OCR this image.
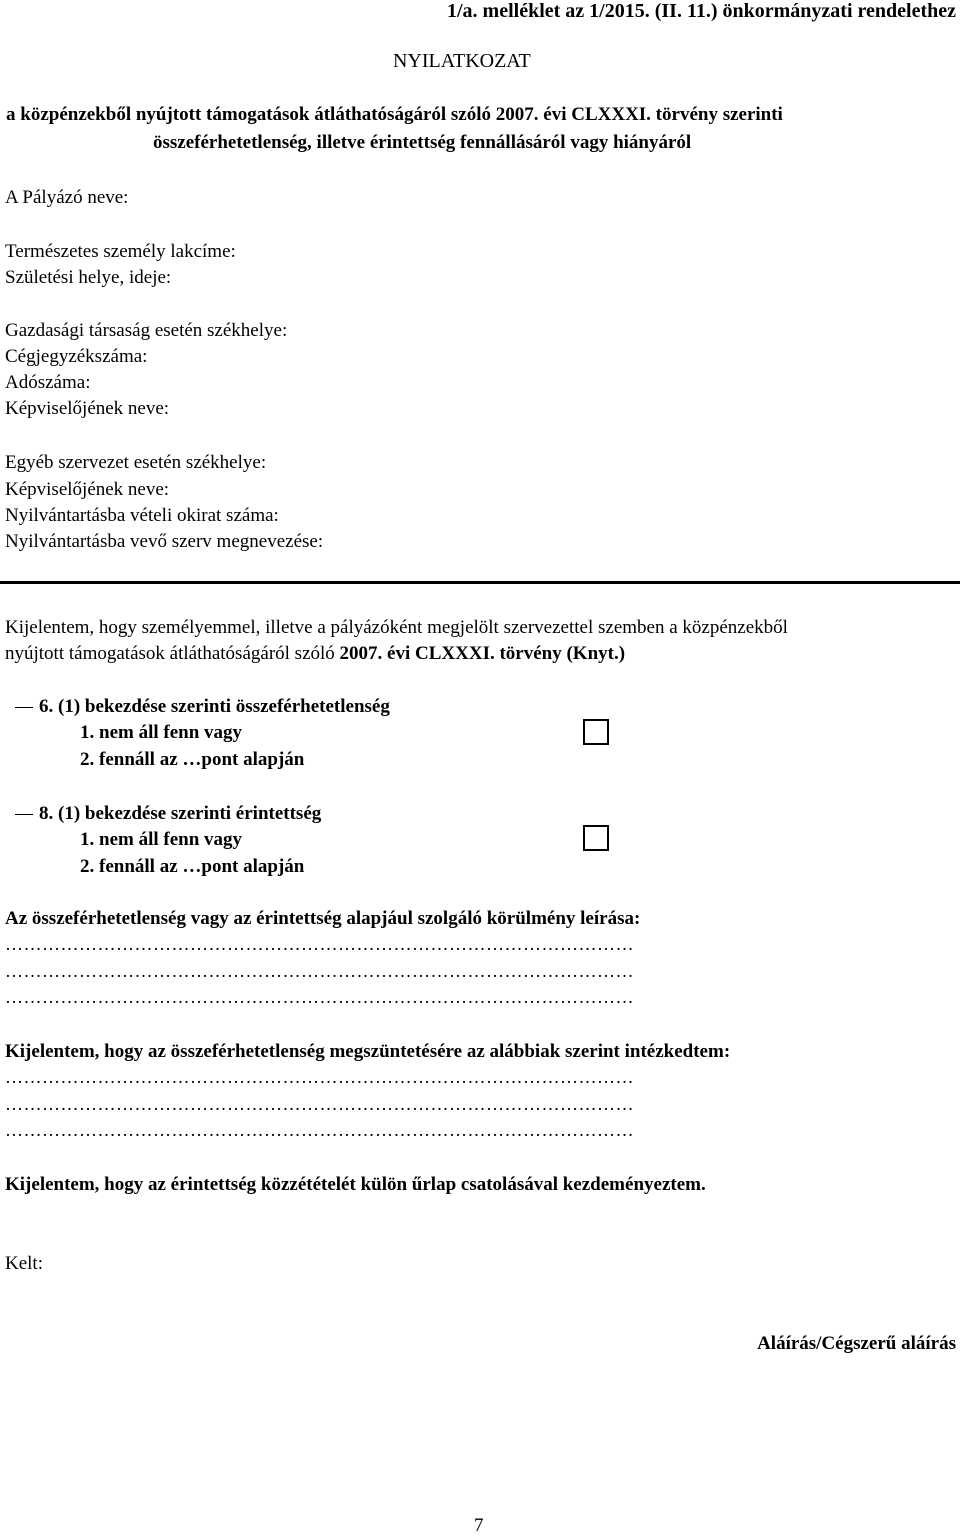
1/a. melléklet az 1/2015. (II. 11.) önkormányzati rendelethez
NYILATKOZAT
a közpénzekből nyújtott támogatások átláthatóságáról szóló 2007. évi CLXXXI. törvény szerinti
összeférhetetlenség, illetve érintettség fennállásáról vagy hiányáról
A Pályázó neve:
Természetes személy lakcíme:
Születési helye, ideje:
Gazdasági társaság esetén székhelye:
Cégjegyzékszáma:
Adószáma:
Képviselőjének neve:
Egyéb szervezet esetén székhelye:
Képviselőjének neve:
Nyilvántartásba vételi okirat száma:
Nyilvántartásba vevő szerv megnevezése:
Kijelentem, hogy személyemmel, illetve a pályázóként megjelölt szervezettel szemben a közpénzekből
nyújtott támogatások átláthatóságáról szóló 2007. évi CLXXXI. törvény (Knyt.)
6. (1) bekezdése szerinti összeférhetetlenség
1. nem áll fenn vagy
2. fennáll az …pont alapján
8. (1) bekezdése szerinti érintettség
1. nem áll fenn vagy
2. fennáll az …pont alapján
Az összeférhetetlenség vagy az érintettség alapjául szolgáló körülmény leírása:
…………………………………………………………………………………………
…………………………………………………………………………………………
…………………………………………………………………………………………
Kijelentem, hogy az összeférhetetlenség megszüntetésére az alábbiak szerint intézkedtem:
…………………………………………………………………………………………
…………………………………………………………………………………………
…………………………………………………………………………………………
Kijelentem, hogy az érintettség közzétételét külön űrlap csatolásával kezdeményeztem.
Kelt:
Aláírás/Cégszerű aláírás
7
